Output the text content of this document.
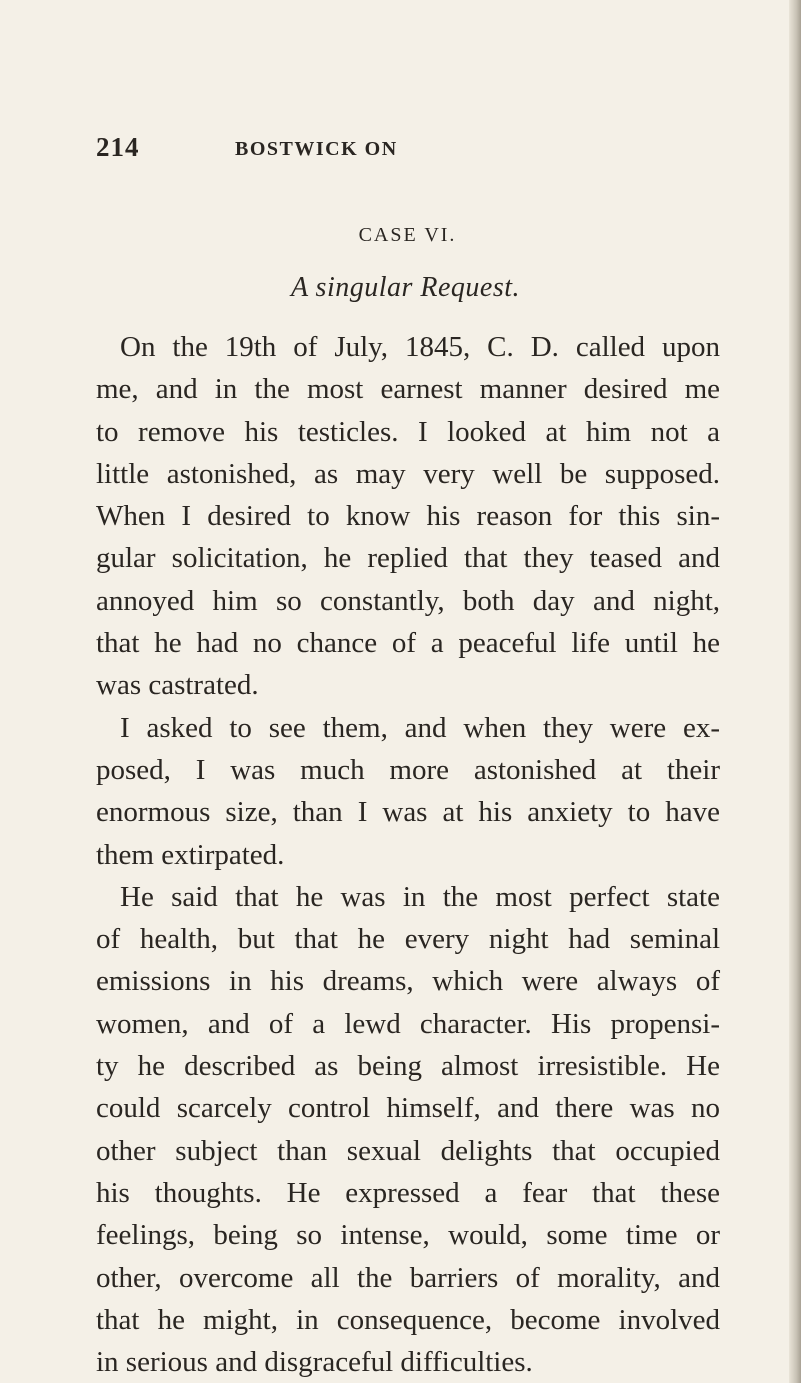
214	BOSTWICK ON
CASE VI.
A singular Request.
On the 19th of July, 1845, C. D. called upon
me, and in the most earnest manner desired me
to remove his testicles. I looked at him not a
little astonished, as may very well be supposed.
When I desired to know his reason for this sin-
gular solicitation, he replied that they teased and
annoyed him so constantly, both day and night,
that he had no chance of a peaceful life until he
was castrated.
I asked to see them, and when they were ex-
posed, I was much more astonished at their
enormous size, than I was at his anxiety to have
them extirpated.
He said that he was in the most perfect state
of health, but that he every night had seminal
emissions in his dreams, which were always of
women, and of a lewd character. His propensi-
ty he described as being almost irresistible. He
could scarcely control himself, and there was no
other subject than sexual delights that occupied
his thoughts. He expressed a fear that these
feelings, being so intense, would, some time or
other, overcome all the barriers of morality, and
that he might, in consequence, become involved
in serious and disgraceful difficulties.
